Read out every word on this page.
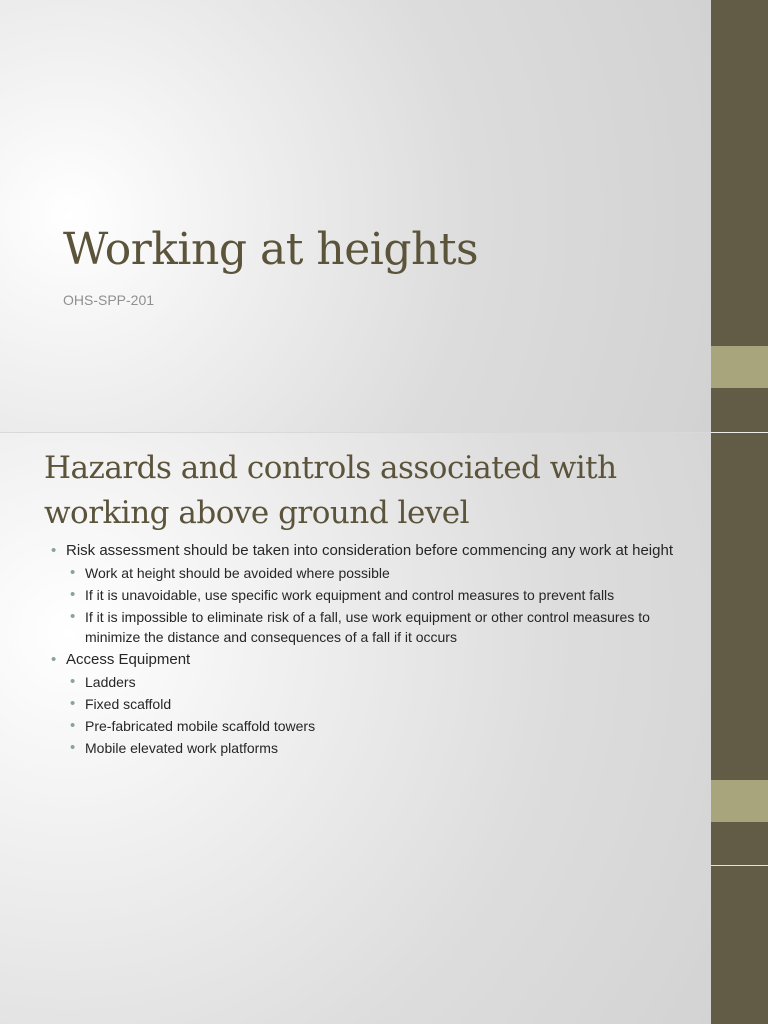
Working at heights
OHS-SPP-201
Hazards and controls associated with
working above ground level
• Risk assessment should be taken into consideration before commencing any work at height
• Work at height should be avoided where possible
• If it is unavoidable, use specific work equipment and control measures to prevent falls
• If it is impossible to eliminate risk of a fall, use work equipment or other control measures to minimize the distance and consequences of a fall if it occurs
• Access Equipment
• Ladders
• Fixed scaffold
• Pre-fabricated mobile scaffold towers
• Mobile elevated work platforms
